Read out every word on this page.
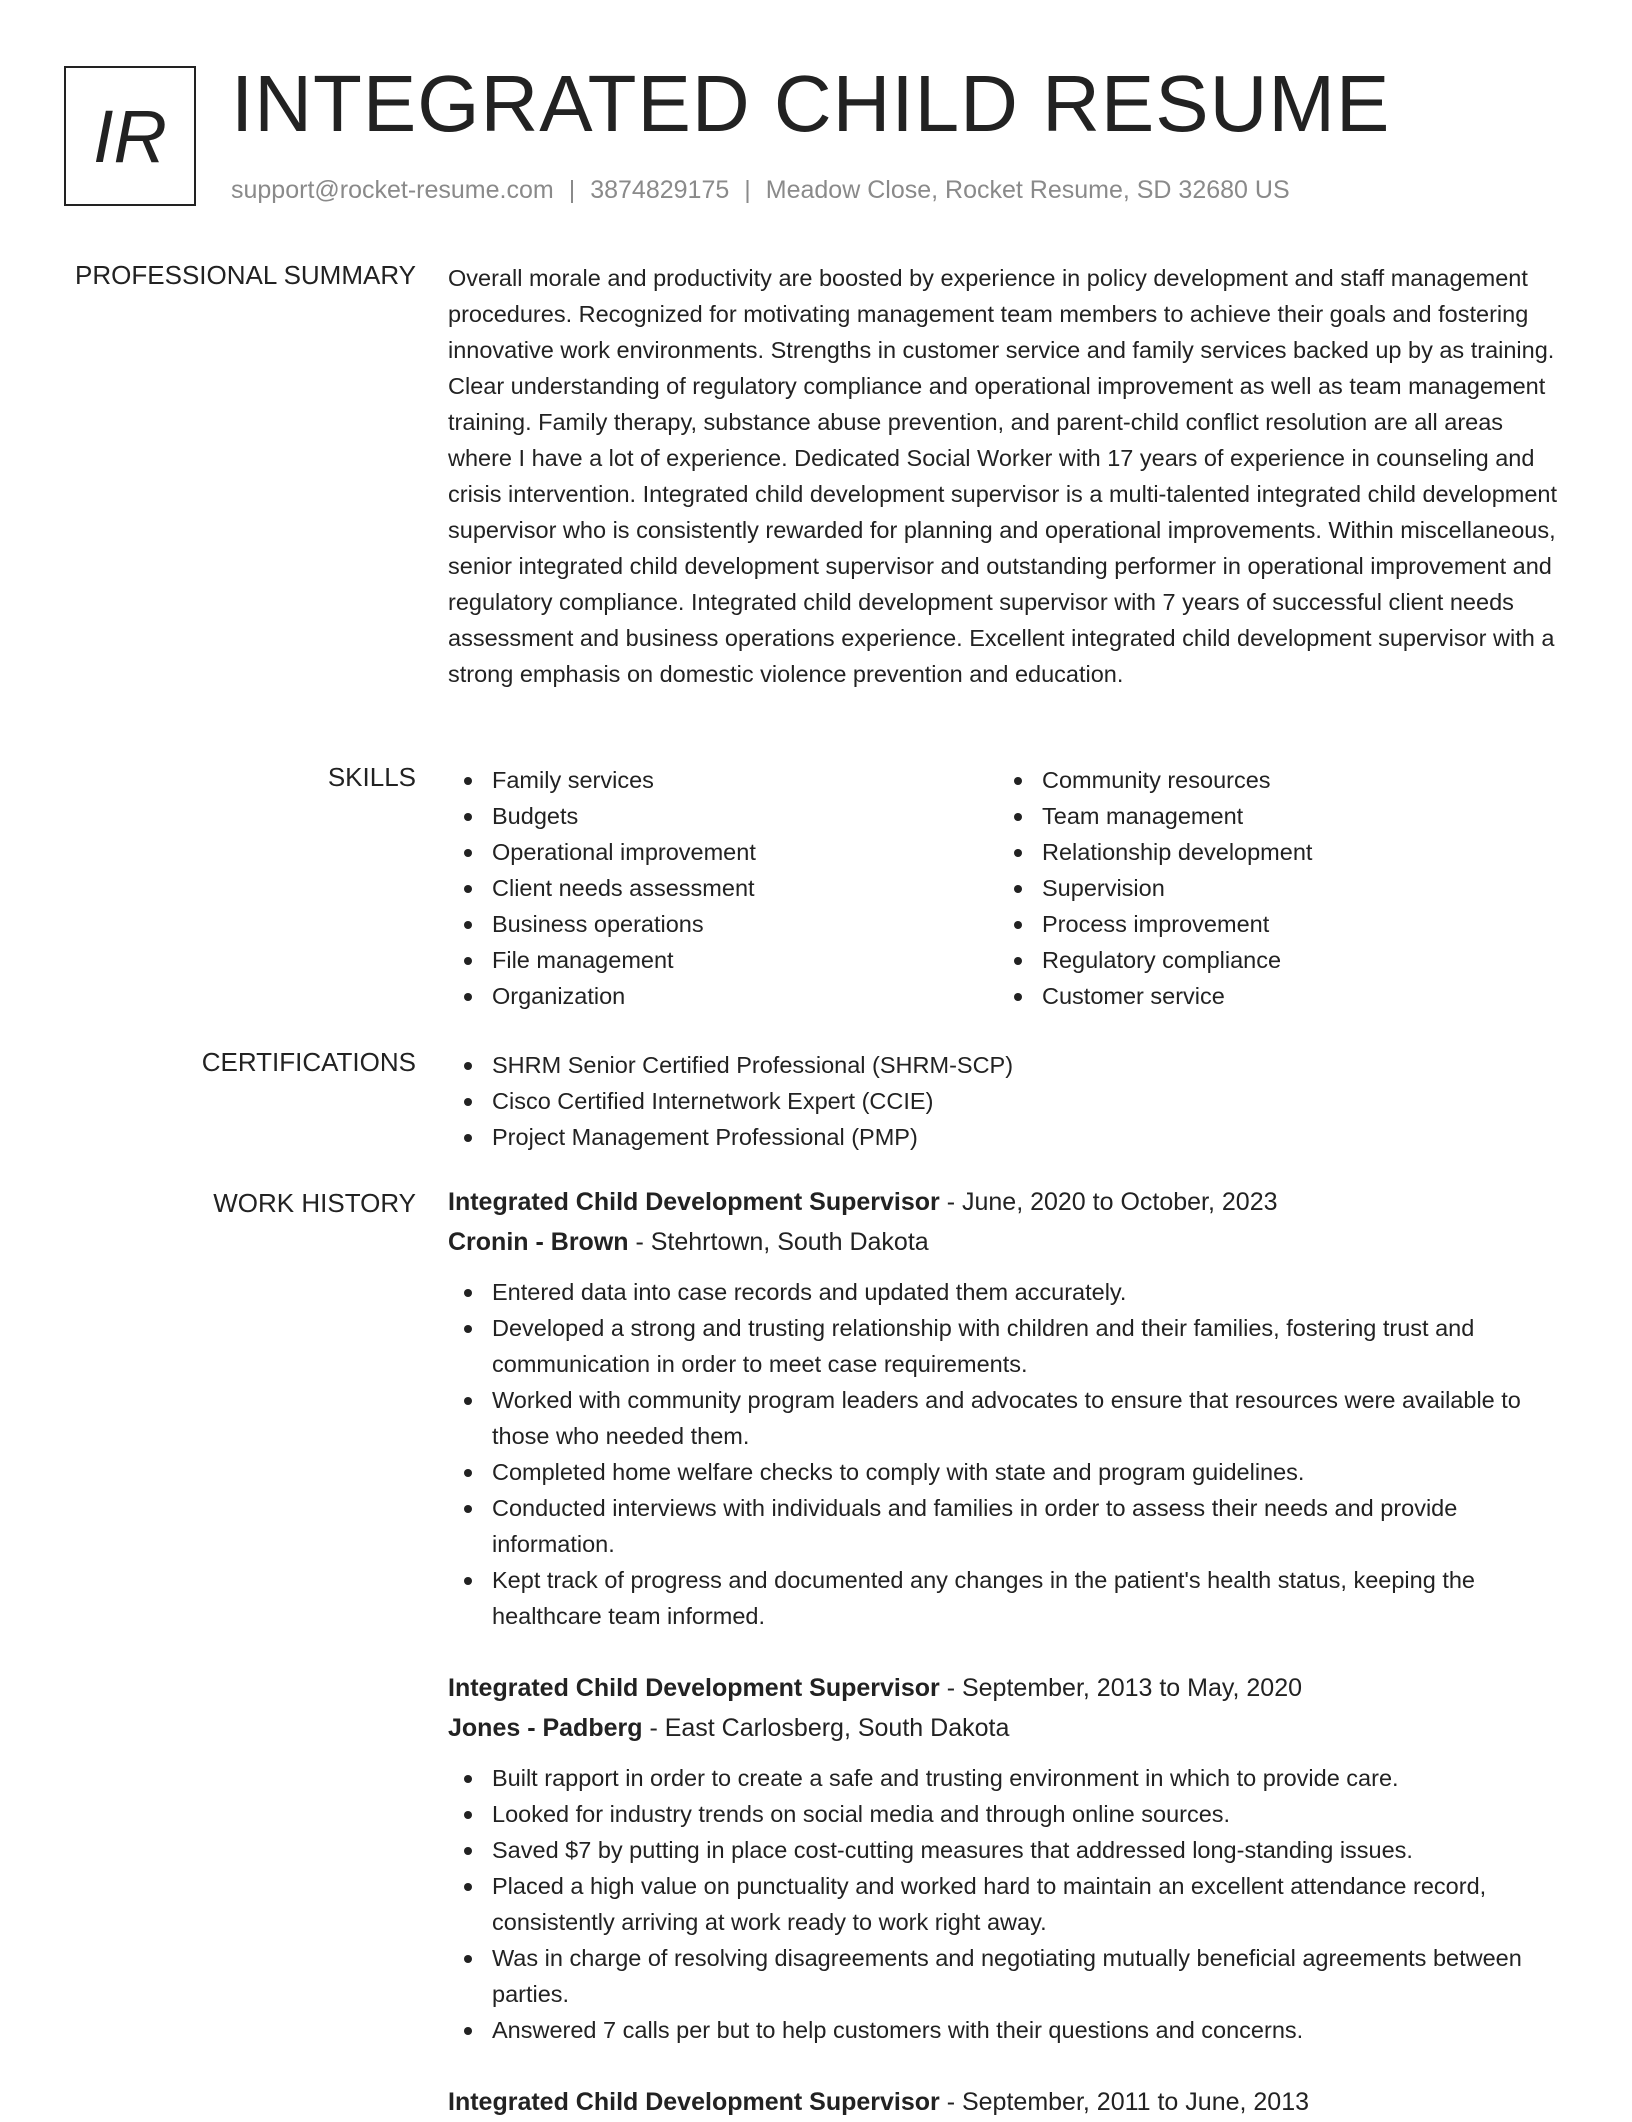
IR INTEGRATED CHILD RESUME
support@rocket-resume.com | 3874829175 | Meadow Close, Rocket Resume, SD 32680 US
PROFESSIONAL SUMMARY Overall morale and productivity are boosted by experience in policy development and staff management procedures. Recognized for motivating management team members to achieve their goals and fostering innovative work environments. Strengths in customer service and family services backed up by as training. Clear understanding of regulatory compliance and operational improvement as well as team management training. Family therapy, substance abuse prevention, and parent-child conflict resolution are all areas where I have a lot of experience. Dedicated Social Worker with 17 years of experience in counseling and crisis intervention. Integrated child development supervisor is a multi-talented integrated child development supervisor who is consistently rewarded for planning and operational improvements. Within miscellaneous, senior integrated child development supervisor and outstanding performer in operational improvement and regulatory compliance. Integrated child development supervisor with 7 years of successful client needs assessment and business operations experience. Excellent integrated child development supervisor with a strong emphasis on domestic violence prevention and education.

SKILLS	Family services
Budgets
Operational improvement
Client needs assessment
Business operations
File management
Organization
Community resources
Team management
Relationship development
Supervision
Process improvement
Regulatory compliance
Customer service
CERTIFICATIONS	SHRM Senior Certified Professional (SHRM-SCP)
Cisco Certified Internetwork Expert (CCIE)
Project Management Professional (PMP)
WORK HISTORY Integrated Child Development Supervisor - June, 2020 to October, 2023
Cronin - Brown - Stehrtown, South Dakota
Entered data into case records and updated them accurately.
Developed a strong and trusting relationship with children and their families, fostering trust and communication in order to meet case requirements.
Worked with community program leaders and advocates to ensure that resources were available to those who needed them.
Completed home welfare checks to comply with state and program guidelines.
Conducted interviews with individuals and families in order to assess their needs and provide information.
Kept track of progress and documented any changes in the patient's health status, keeping the healthcare team informed.
Integrated Child Development Supervisor - September, 2013 to May, 2020
Jones - Padberg - East Carlosberg, South Dakota
Built rapport in order to create a safe and trusting environment in which to provide care.
Looked for industry trends on social media and through online sources.
Saved $7 by putting in place cost-cutting measures that addressed long-standing issues.
Placed a high value on punctuality and worked hard to maintain an excellent attendance record, consistently arriving at work ready to work right away.
Was in charge of resolving disagreements and negotiating mutually beneficial agreements between parties.
Answered 7 calls per but to help customers with their questions and concerns.
Integrated Child Development Supervisor - September, 2011 to June, 2013
